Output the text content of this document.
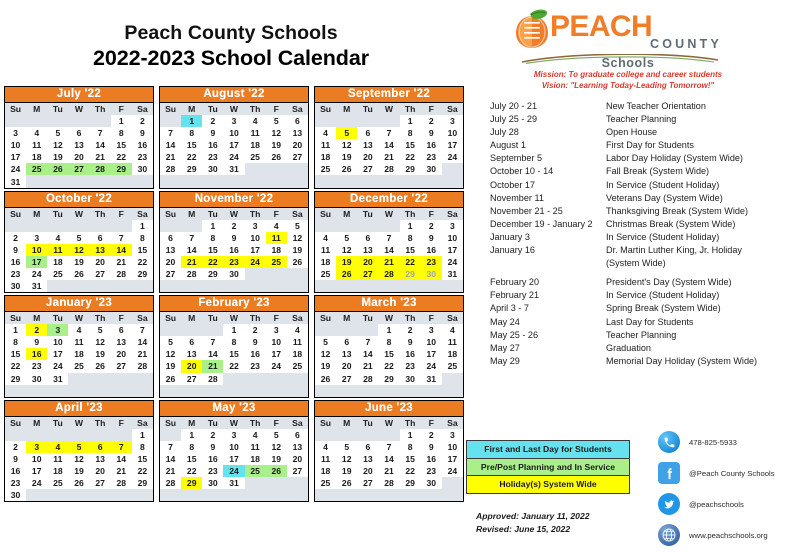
Peach County Schools
2022-2023 School Calendar
July '22
Su	M	Tu	W	Th	F	Sa
					1	2
3	4	5	6	7	8	9
10	11	12	13	14	15	16
17	18	19	20	21	22	23
24	25	26	27	28	29	30
31						
August '22
Su	M	Tu	W	Th	F	Sa
	1	2	3	4	5	6
7	8	9	10	11	12	13
14	15	16	17	18	19	20
21	22	23	24	25	26	27
28	29	30	31			

September '22
Su	M	Tu	W	Th	F	Sa
				1	2	3
4	5	6	7	8	9	10
11	12	13	14	15	16	17
18	19	20	21	22	23	24
25	26	27	28	29	30	

October '22
Su	M	Tu	W	Th	F	Sa
						1
2	3	4	5	6	7	8
9	10	11	12	13	14	15
16	17	18	19	20	21	22
23	24	25	26	27	28	29
30	31					
November '22
Su	M	Tu	W	Th	F	Sa
		1	2	3	4	5
6	7	8	9	10	11	12
13	14	15	16	17	18	19
20	21	22	23	24	25	26
27	28	29	30			

December '22
Su	M	Tu	W	Th	F	Sa
				1	2	3
4	5	6	7	8	9	10
11	12	13	14	15	16	17
18	19	20	21	22	23	24
25	26	27	28	29	30	31

January '23
Su	M	Tu	W	Th	F	Sa
1	2	3	4	5	6	7
8	9	10	11	12	13	14
15	16	17	18	19	20	21
22	23	24	25	26	27	28
29	30	31				

February '23
Su	M	Tu	W	Th	F	Sa
			1	2	3	4
5	6	7	8	9	10	11
12	13	14	15	16	17	18
19	20	21	22	23	24	25
26	27	28				

March '23
Su	M	Tu	W	Th	F	Sa
			1	2	3	4
5	6	7	8	9	10	11
12	13	14	15	16	17	18
19	20	21	22	23	24	25
26	27	28	29	30	31	

April '23
Su	M	Tu	W	Th	F	Sa
						1
2	3	4	5	6	7	8
9	10	11	12	13	14	15
16	17	18	19	20	21	22
23	24	25	26	27	28	29
30						
May '23
Su	M	Tu	W	Th	F	Sa
	1	2	3	4	5	6
7	8	9	10	11	12	13
14	15	16	17	18	19	20
21	22	23	24	25	26	27
28	29	30	31			

June '23
Su	M	Tu	W	Th	F	Sa
				1	2	3
4	5	6	7	8	9	10
11	12	13	14	15	16	17
18	19	20	21	22	23	24
25	26	27	28	29	30	

PEACH
COUNTY
Schools
Mission: To graduate college and career students
Vision: "Learning Today-Leading Tomorrow!"
July 20 - 21	New Teacher Orientation
July 25 - 29	Teacher Planning
July 28	Open House
August 1	First Day for Students
September 5	Labor Day Holiday (System Wide)
October 10 - 14	Fall Break (System Wide)
October 17	In Service (Student Holiday)
November 11	Veterans Day (System Wide)
November 21 - 25	Thanksgiving Break (System Wide)
December 19 - January 2	Christmas Break (System Wide)
January 3	In Service (Student Holiday)
January 16	Dr. Martin Luther King, Jr. Holiday
(System Wide)
February 20	President's Day (System Wide)
February 21	In Service (Student Holiday)
April 3 - 7	Spring Break (System Wide)
May 24	Last Day for Students
May 25 - 26	Teacher Planning
May 27	Graduation
May 29	Memorial Day Holiday (System Wide)
First and Last Day for Students
Pre/Post Planning and In Service
Holiday(s) System Wide
Approved: January 11, 2022
Revised: June 15, 2022
478-825-5933
@Peach County Schools
@peachschools
www.peachschools.org
